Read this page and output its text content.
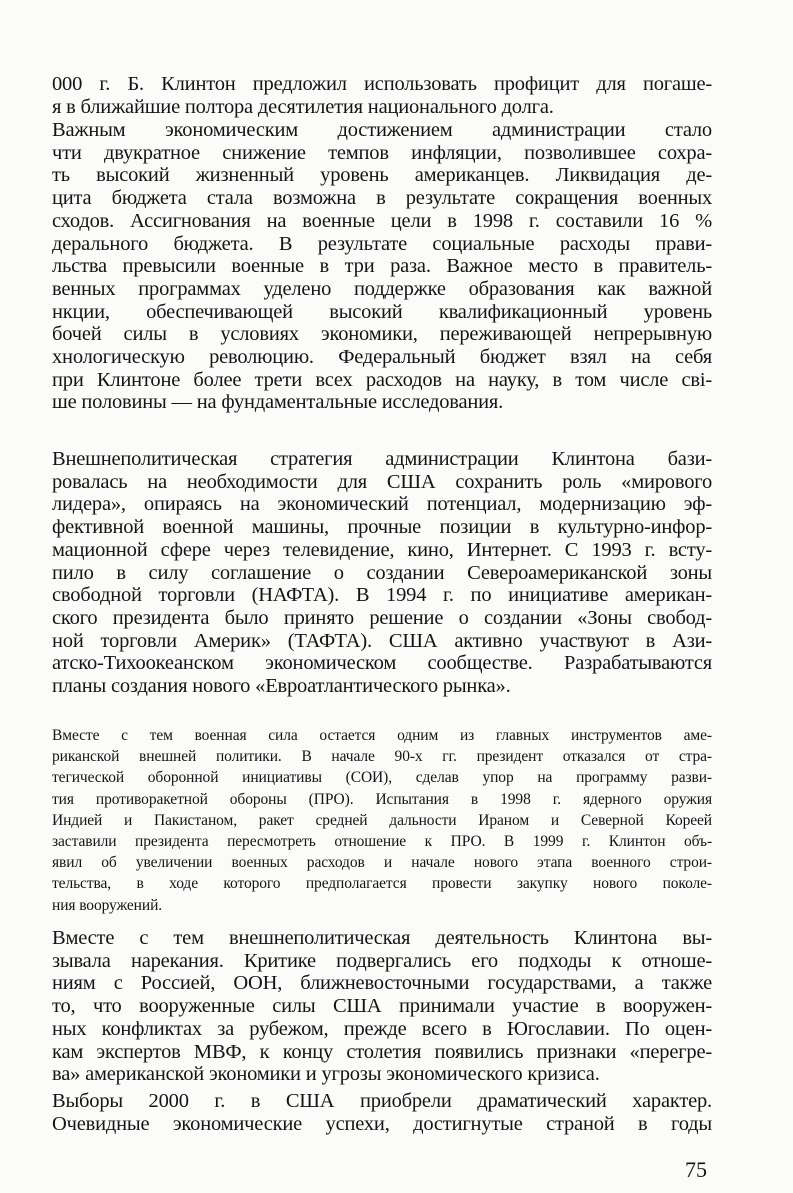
000 г. Б. Клинтон предложил использовать профицит для погаше-
я в ближайшие полтора десятилетия национального долга.
Важным экономическим достижением администрации стало
чти двукратное снижение темпов инфляции, позволившее сохра-
ть высокий жизненный уровень американцев. Ликвидация де-
цита бюджета стала возможна в результате сокращения военных
сходов. Ассигнования на военные цели в 1998 г. составили 16 %
дерального бюджета. В результате социальные расходы прави-
льства превысили военные в три раза. Важное место в правитель-
венных программах уделено поддержке образования как важной
нкции, обеспечивающей высокий квалификационный уровень
бочей силы в условиях экономики, переживающей непрерывную
хнологическую революцию. Федеральный бюджет взял на себя
при Клинтоне более трети всех расходов на науку, в том числе сві-
ше половины — на фундаментальные исследования.
Внешнеполитическая стратегия администрации Клинтона бази-
ровалась на необходимости для США сохранить роль «мирового
лидера», опираясь на экономический потенциал, модернизацию эф-
фективной военной машины, прочные позиции в культурно-инфор-
мационной сфере через телевидение, кино, Интернет. С 1993 г. всту-
пило в силу соглашение о создании Североамериканской зоны
свободной торговли (НАФТА). В 1994 г. по инициативе американ-
ского президента было принято решение о создании «Зоны свобод-
ной торговли Америк» (ТАФТА). США активно участвуют в Ази-
атско-Тихоокеанском экономическом сообществе. Разрабатываются
планы создания нового «Евроатлантического рынка».
Вместе с тем военная сила остается одним из главных инструментов аме-
риканской внешней политики. В начале 90-х гг. президент отказался от стра-
тегической оборонной инициативы (СОИ), сделав упор на программу разви-
тия противоракетной обороны (ПРО). Испытания в 1998 г. ядерного оружия
Индией и Пакистаном, ракет средней дальности Ираном и Северной Кореей
заставили президента пересмотреть отношение к ПРО. В 1999 г. Клинтон объ-
явил об увеличении военных расходов и начале нового этапа военного строи-
тельства, в ходе которого предполагается провести закупку нового поколе-
ния вооружений.
Вместе с тем внешнеполитическая деятельность Клинтона вы-
зывала нарекания. Критике подвергались его подходы к отноше-
ниям с Россией, ООН, ближневосточными государствами, а также
то, что вооруженные силы США принимали участие в вооружен-
ных конфликтах за рубежом, прежде всего в Югославии. По оцен-
кам экспертов МВФ, к концу столетия появились признаки «перегре-
ва» американской экономики и угрозы экономического кризиса.
Выборы 2000 г. в США приобрели драматический характер.
Очевидные экономические успехи, достигнутые страной в годы
75
